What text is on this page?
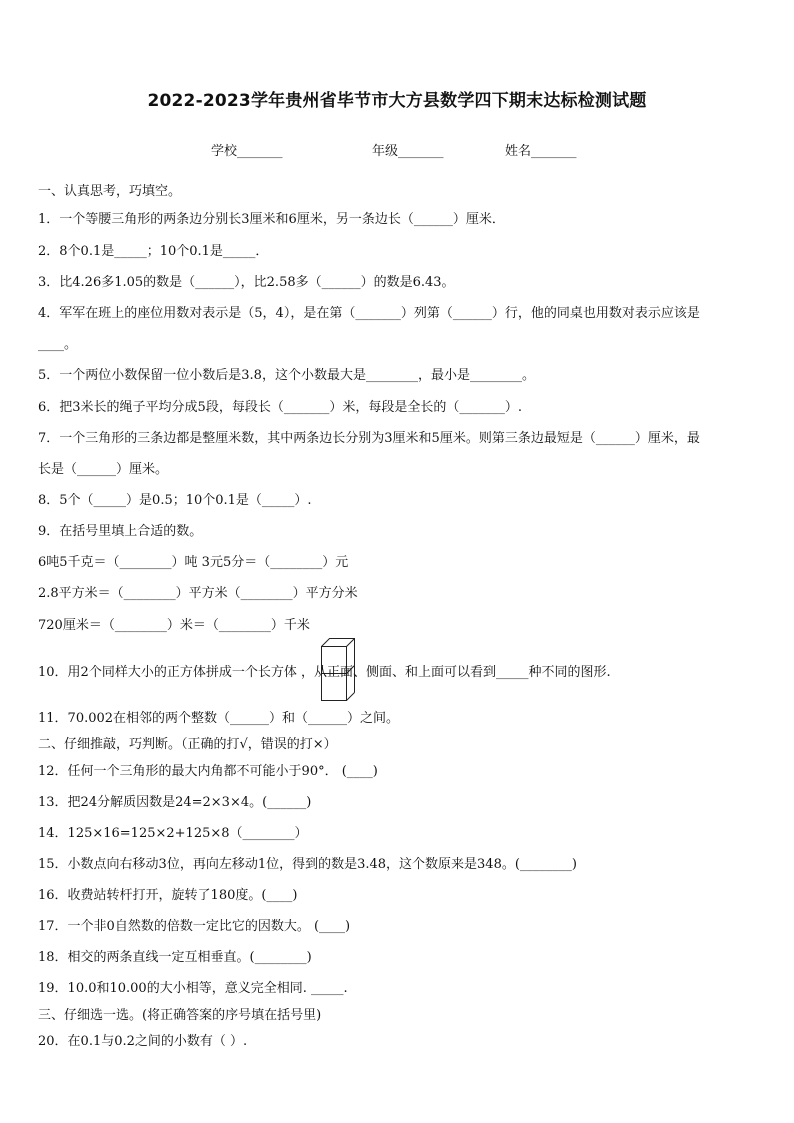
2022-2023学年贵州省毕节市大方县数学四下期末达标检测试题
学校_______	年级_______	姓名_______
一、认真思考，巧填空。
1．一个等腰三角形的两条边分别长3厘米和6厘米，另一条边长（______）厘米．
2．8个0.1是_____；10个0.1是_____．
3．比4.26多1.05的数是（______），比2.58多（______）的数是6.43。
4．军军在班上的座位用数对表示是（5，4），是在第（_______）列第（______）行，他的同桌也用数对表示应该是
____。
5．一个两位小数保留一位小数后是3.8，这个小数最大是________，最小是________。
6．把3米长的绳子平均分成5段，每段长（_______）米，每段是全长的（_______）.
7．一个三角形的三条边都是整厘米数，其中两条边长分别为3厘米和5厘米。则第三条边最短是（______）厘米，最
长是（______）厘米。
8．5个（_____）是0.5；10个0.1是（_____）.
9．在括号里填上合适的数。
6吨5千克＝（________）吨 3元5分＝（________）元
2.8平方米＝（________）平方米（________）平方分米
720厘米＝（________）米＝（________）千米
10．用2个同样大小的正方体拼成一个长方体 ，从正面、侧面、和上面可以看到_____种不同的图形.
11．70.002在相邻的两个整数（______）和（______）之间。
二、仔细推敲，巧判断。（正确的打√，错误的打×）
12．任何一个三角形的最大内角都不可能小于90°． (____)
13．把24分解质因数是24=2×3×4。(______)
14．125×16=125×2+125×8（________）
15．小数点向右移动3位，再向左移动1位，得到的数是3.48，这个数原来是348。(________)
16．收费站转杆打开，旋转了180度。(____)
17．一个非0自然数的倍数一定比它的因数大。 (____)
18．相交的两条直线一定互相垂直。(________)
19．10.0和10.00的大小相等，意义完全相同. _____.
三、仔细选一选。(将正确答案的序号填在括号里)
20．在0.1与0.2之间的小数有（ ）.
